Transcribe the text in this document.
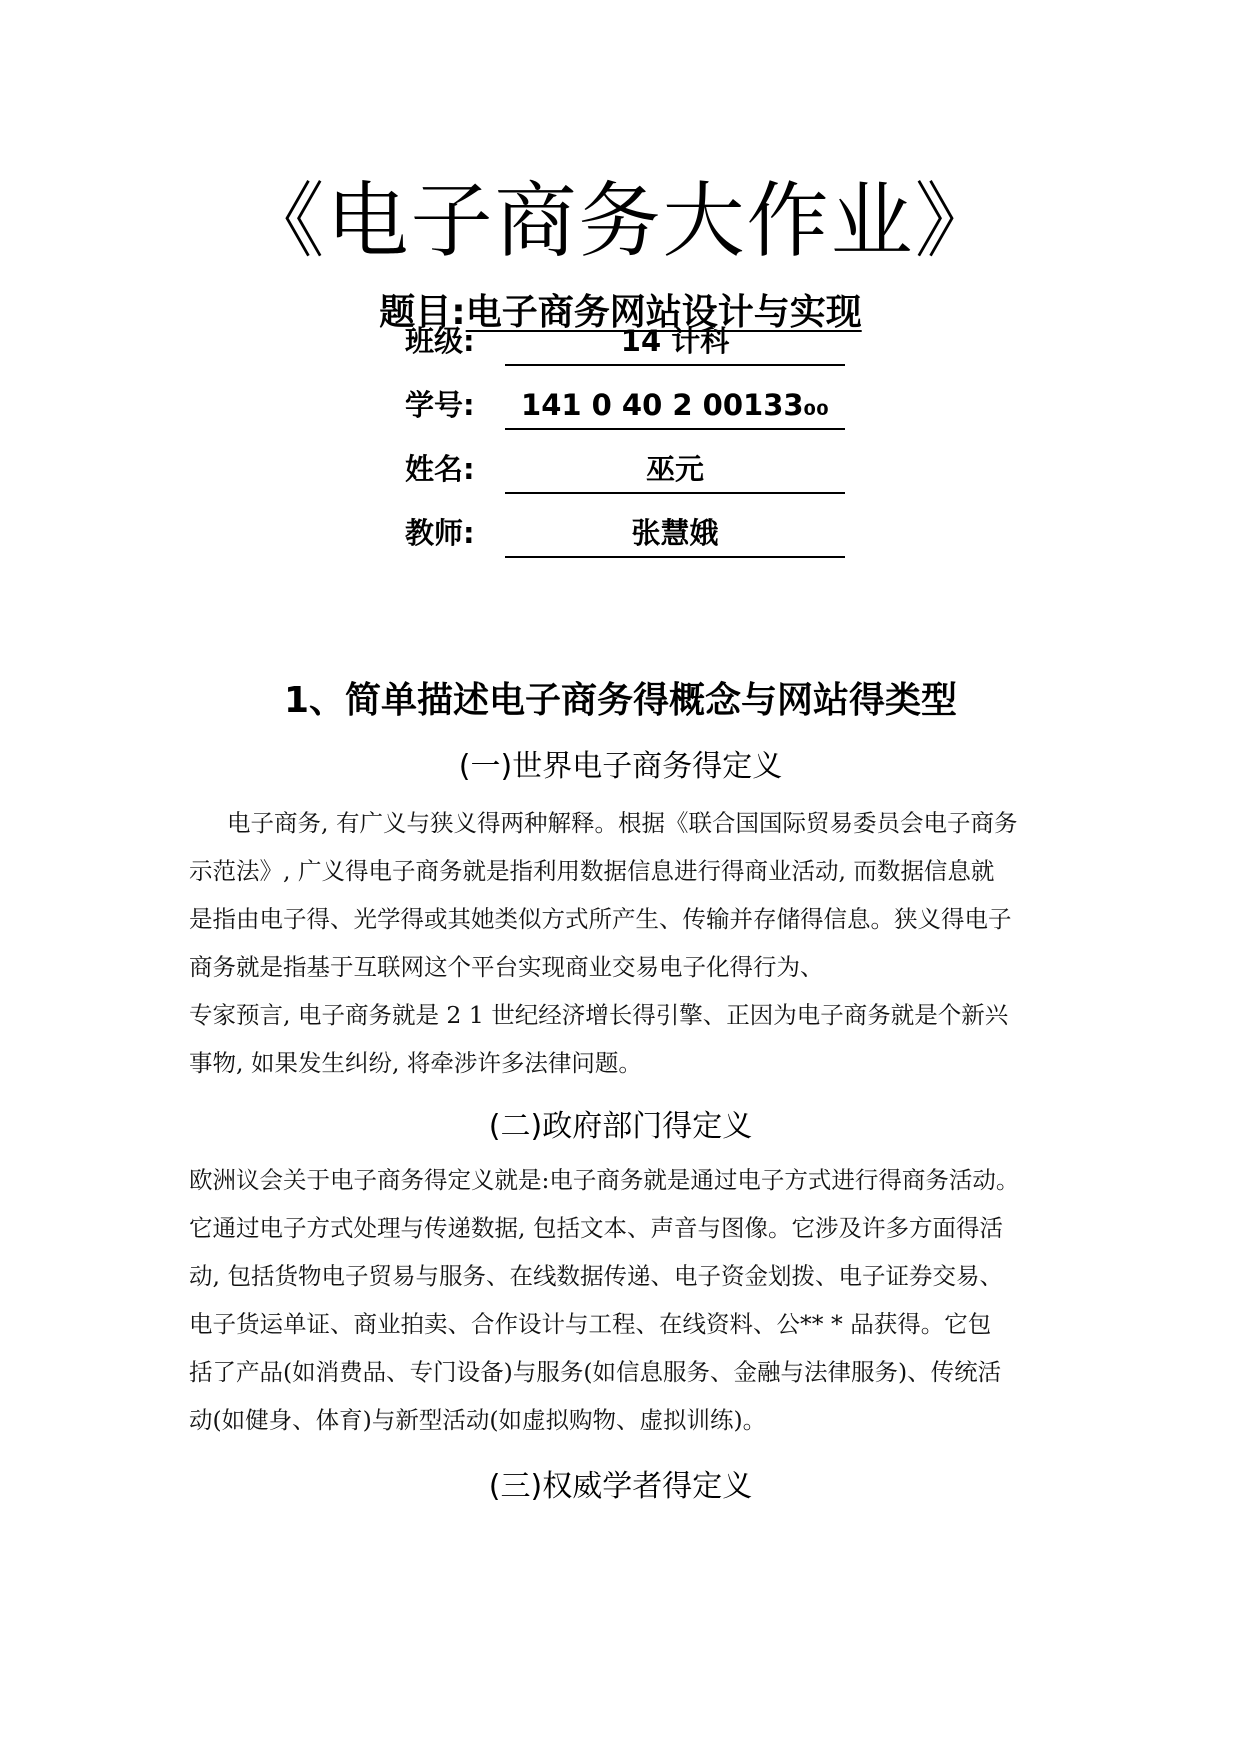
《电子商务大作业》
题目:电子商务网站设计与实现
班级:	14 计科
学号:	141 0 40 2 00133₀₀
姓名:	巫元
教师:	张慧娥
1、简单描述电子商务得概念与网站得类型
(一)世界电子商务得定义
电子商务, 有广义与狭义得两种解释。根据《联合国国际贸易委员会电子商务
示范法》, 广义得电子商务就是指利用数据信息进行得商业活动, 而数据信息就
是指由电子得、光学得或其她类似方式所产生、传输并存储得信息。狭义得电子
商务就是指基于互联网这个平台实现商业交易电子化得行为、
专家预言, 电子商务就是 2 1 世纪经济增长得引擎、正因为电子商务就是个新兴
事物, 如果发生纠纷, 将牵涉许多法律问题。
(二)政府部门得定义
欧洲议会关于电子商务得定义就是:电子商务就是通过电子方式进行得商务活动。
它通过电子方式处理与传递数据, 包括文本、声音与图像。它涉及许多方面得活
动, 包括货物电子贸易与服务、在线数据传递、电子资金划拨、电子证券交易、
电子货运单证、商业拍卖、合作设计与工程、在线资料、公** * 品获得。它包
括了产品(如消费品、专门设备)与服务(如信息服务、金融与法律服务)、传统活
动(如健身、体育)与新型活动(如虚拟购物、虚拟训练)。
(三)权威学者得定义
